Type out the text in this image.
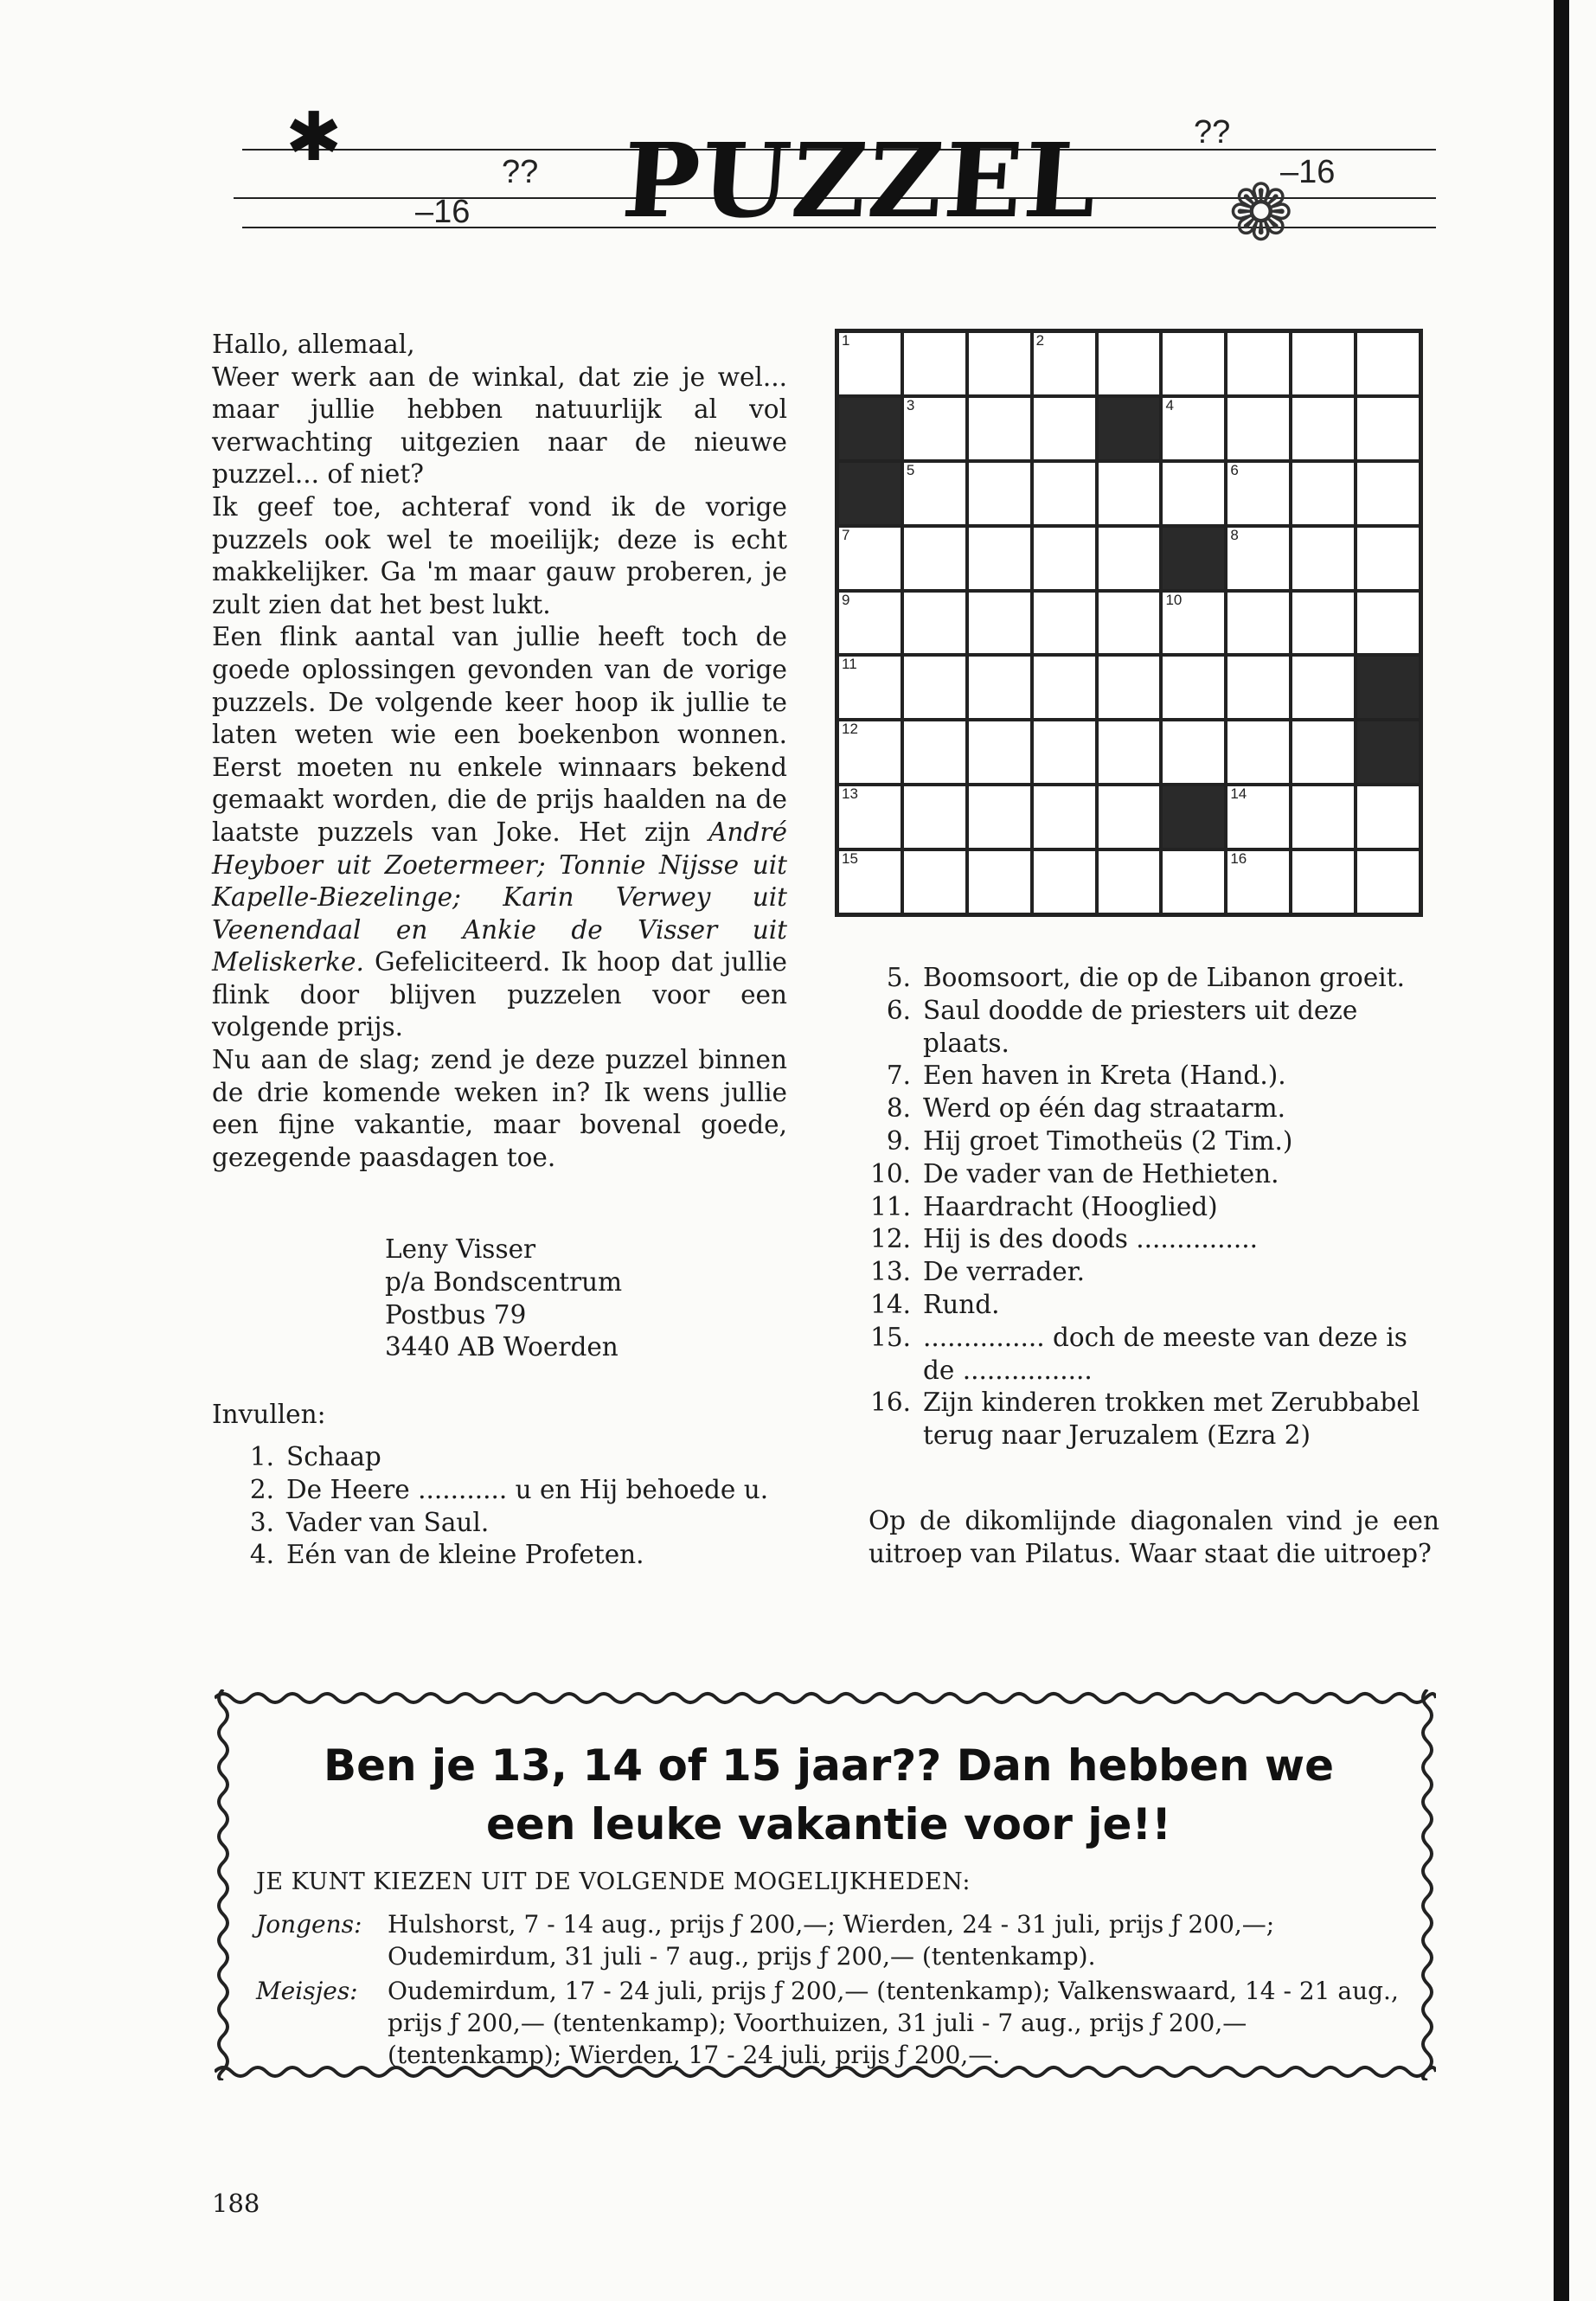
✱	??
–16 PUZZEL	??
–16
❁

Hallo, allemaal,

Weer werk aan de winkal, dat zie je wel... maar jullie hebben natuurlijk al vol verwachting uitgezien naar de nieuwe puzzel... of niet?

Ik geef toe, achteraf vond ik de vorige puzzels ook wel te moeilijk; deze is echt makkelijker. Ga 'm maar gauw proberen, je zult zien dat het best lukt.

Een flink aantal van jullie heeft toch de goede oplossingen gevonden van de vorige puzzels. De volgende keer hoop ik jullie te laten weten wie een boekenbon wonnen. Eerst moeten nu enkele winnaars bekend gemaakt worden, die de prijs haalden na de laatste puzzels van Joke. Het zijn André Heyboer uit Zoetermeer; Tonnie Nijsse uit Kapelle-Biezelinge; Karin Verwey uit Veenendaal en Ankie de Visser uit Meliskerke. Gefeliciteerd. Ik hoop dat jullie flink door blijven puzzelen voor een volgende prijs.

Nu aan de slag; zend je deze puzzel binnen de drie komende weken in? Ik wens jullie een fijne vakantie, maar bovenal goede, gezegende paasdagen toe.

Leny Visser
p/a Bondscentrum
Postbus 79
3440 AB Woerden
Invullen:
1. Schaap
2. De Heere ........... u en Hij behoede u.
3. Vader van Saul.
4. Eén van de kleine Profeten.
1	2
3	4
5	6
7	8
9	10
11
12
13	14
15	16
5. Boomsoort, die op de Libanon groeit.
6. Saul doodde de priesters uit deze plaats.
7. Een haven in Kreta (Hand.).
8. Werd op één dag straatarm.
9. Hij groet Timotheüs (2 Tim.)
10. De vader van de Hethieten.
11. Haardracht (Hooglied)
12. Hij is des doods ...............
13. De verrader.
14. Rund.
15. ............... doch de meeste van deze is de ................
16. Zijn kinderen trokken met Zerubbabel terug naar Jeruzalem (Ezra 2)
Op de dikomlijnde diagonalen vind je een uitroep van Pilatus. Waar staat die uitroep?
Ben je 13, 14 of 15 jaar?? Dan hebben we
een leuke vakantie voor je!!
JE KUNT KIEZEN UIT DE VOLGENDE MOGELIJKHEDEN:
Jongens:	Hulshorst, 7 - 14 aug., prijs ƒ 200,—; Wierden, 24 - 31 juli, prijs ƒ 200,—; Oudemirdum, 31 juli - 7 aug., prijs ƒ 200,— (tentenkamp).
Meisjes:	Oudemirdum, 17 - 24 juli, prijs ƒ 200,— (tentenkamp); Valkenswaard, 14 - 21 aug., prijs ƒ 200,— (tentenkamp); Voorthuizen, 31 juli - 7 aug., prijs ƒ 200,— (tentenkamp); Wierden, 17 - 24 juli, prijs ƒ 200,—.
188
